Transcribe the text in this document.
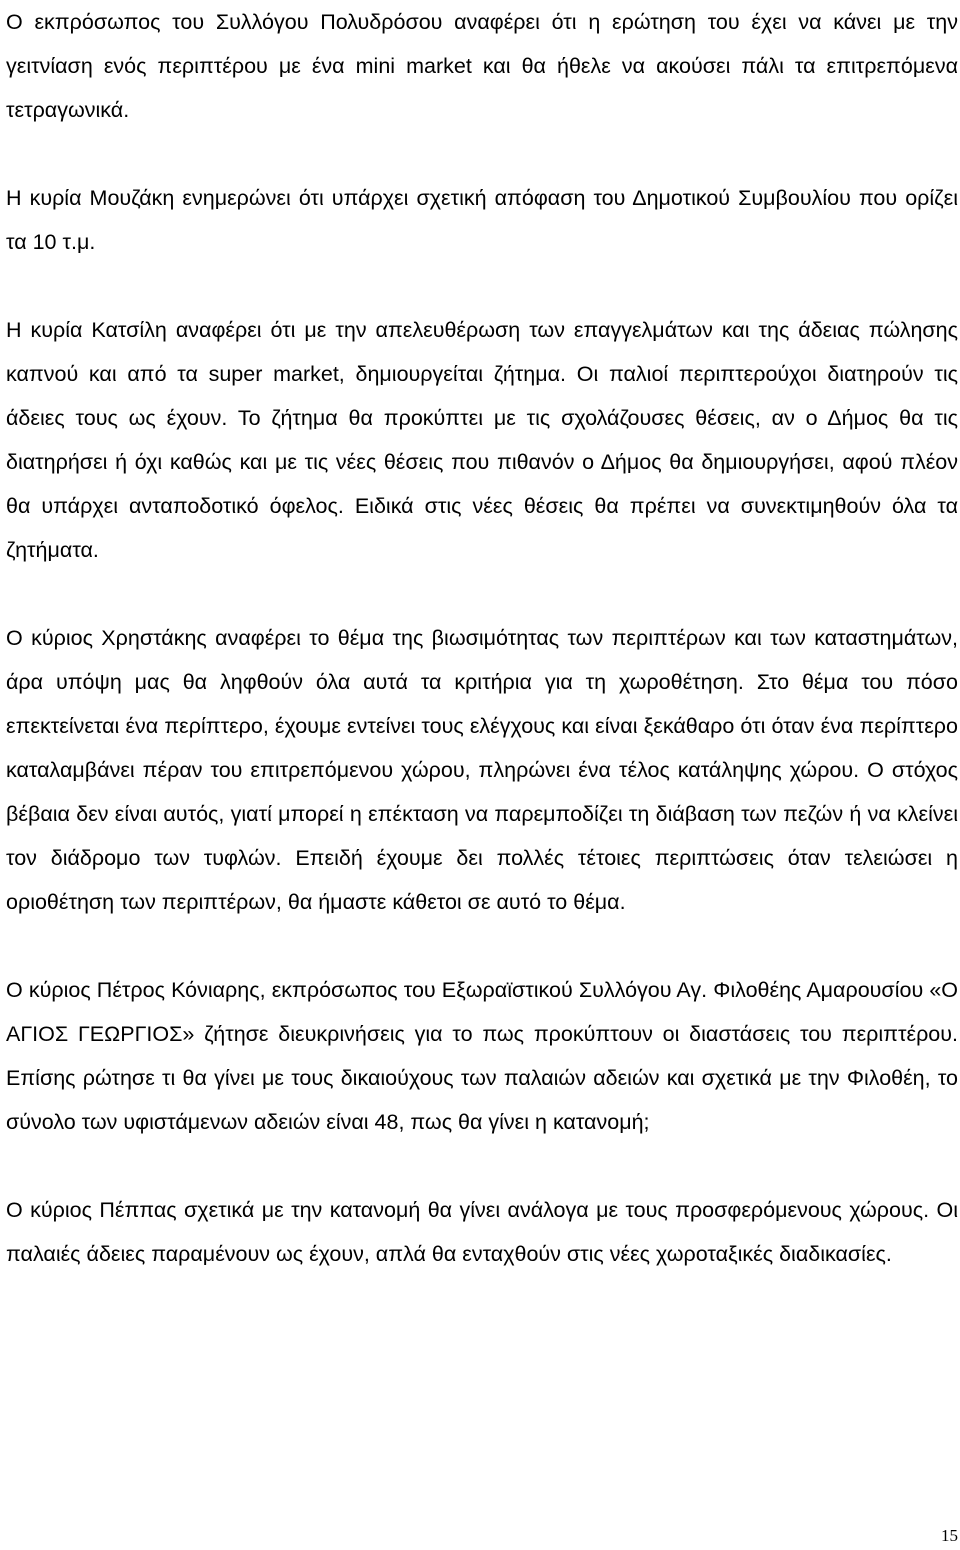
Ο εκπρόσωπος του Συλλόγου Πολυδρόσου αναφέρει ότι η ερώτηση του έχει να κάνει με την γειτνίαση ενός περιπτέρου με ένα mini market και θα ήθελε να ακούσει πάλι τα επιτρεπόμενα τετραγωνικά.

Η κυρία Μουζάκη ενημερώνει ότι υπάρχει σχετική απόφαση του Δημοτικού Συμβουλίου που ορίζει τα 10 τ.μ.

Η κυρία Κατσίλη αναφέρει ότι με την απελευθέρωση των επαγγελμάτων και της άδειας πώλησης καπνού και από τα super market, δημιουργείται ζήτημα. Οι παλιοί περιπτερούχοι διατηρούν τις άδειες τους ως έχουν. Το ζήτημα θα προκύπτει με τις σχολάζουσες θέσεις, αν ο Δήμος θα τις διατηρήσει ή όχι καθώς και με τις νέες θέσεις που πιθανόν ο Δήμος θα δημιουργήσει, αφού πλέον θα υπάρχει ανταποδοτικό όφελος. Ειδικά στις νέες θέσεις θα πρέπει να συνεκτιμηθούν όλα τα ζητήματα.

Ο κύριος Χρηστάκης αναφέρει το θέμα της βιωσιμότητας των περιπτέρων και των καταστημάτων, άρα υπόψη μας θα ληφθούν όλα αυτά τα κριτήρια για τη χωροθέτηση. Στο θέμα του πόσο επεκτείνεται ένα περίπτερο, έχουμε εντείνει τους ελέγχους και είναι ξεκάθαρο ότι όταν ένα περίπτερο καταλαμβάνει πέραν του επιτρεπόμενου χώρου, πληρώνει ένα τέλος κατάληψης χώρου. Ο στόχος βέβαια δεν είναι αυτός, γιατί μπορεί η επέκταση να παρεμποδίζει τη διάβαση των πεζών ή να κλείνει τον διάδρομο των τυφλών. Επειδή έχουμε δει πολλές τέτοιες περιπτώσεις όταν τελειώσει η οριοθέτηση των περιπτέρων, θα ήμαστε κάθετοι σε αυτό το θέμα.

Ο κύριος Πέτρος Κόνιαρης, εκπρόσωπος του Εξωραϊστικού Συλλόγου Αγ. Φιλοθέης Αμαρουσίου «Ο ΑΓΙΟΣ ΓΕΩΡΓΙΟΣ» ζήτησε διευκρινήσεις για το πως προκύπτουν οι διαστάσεις του περιπτέρου. Επίσης ρώτησε τι θα γίνει με τους δικαιούχους των παλαιών αδειών και σχετικά με την Φιλοθέη, το σύνολο των υφιστάμενων αδειών είναι 48, πως θα γίνει η κατανομή;

Ο κύριος Πέππας σχετικά με την κατανομή θα γίνει ανάλογα με τους προσφερόμενους χώρους. Οι παλαιές άδειες παραμένουν ως έχουν, απλά θα ενταχθούν στις νέες χωροταξικές διαδικασίες.

15
